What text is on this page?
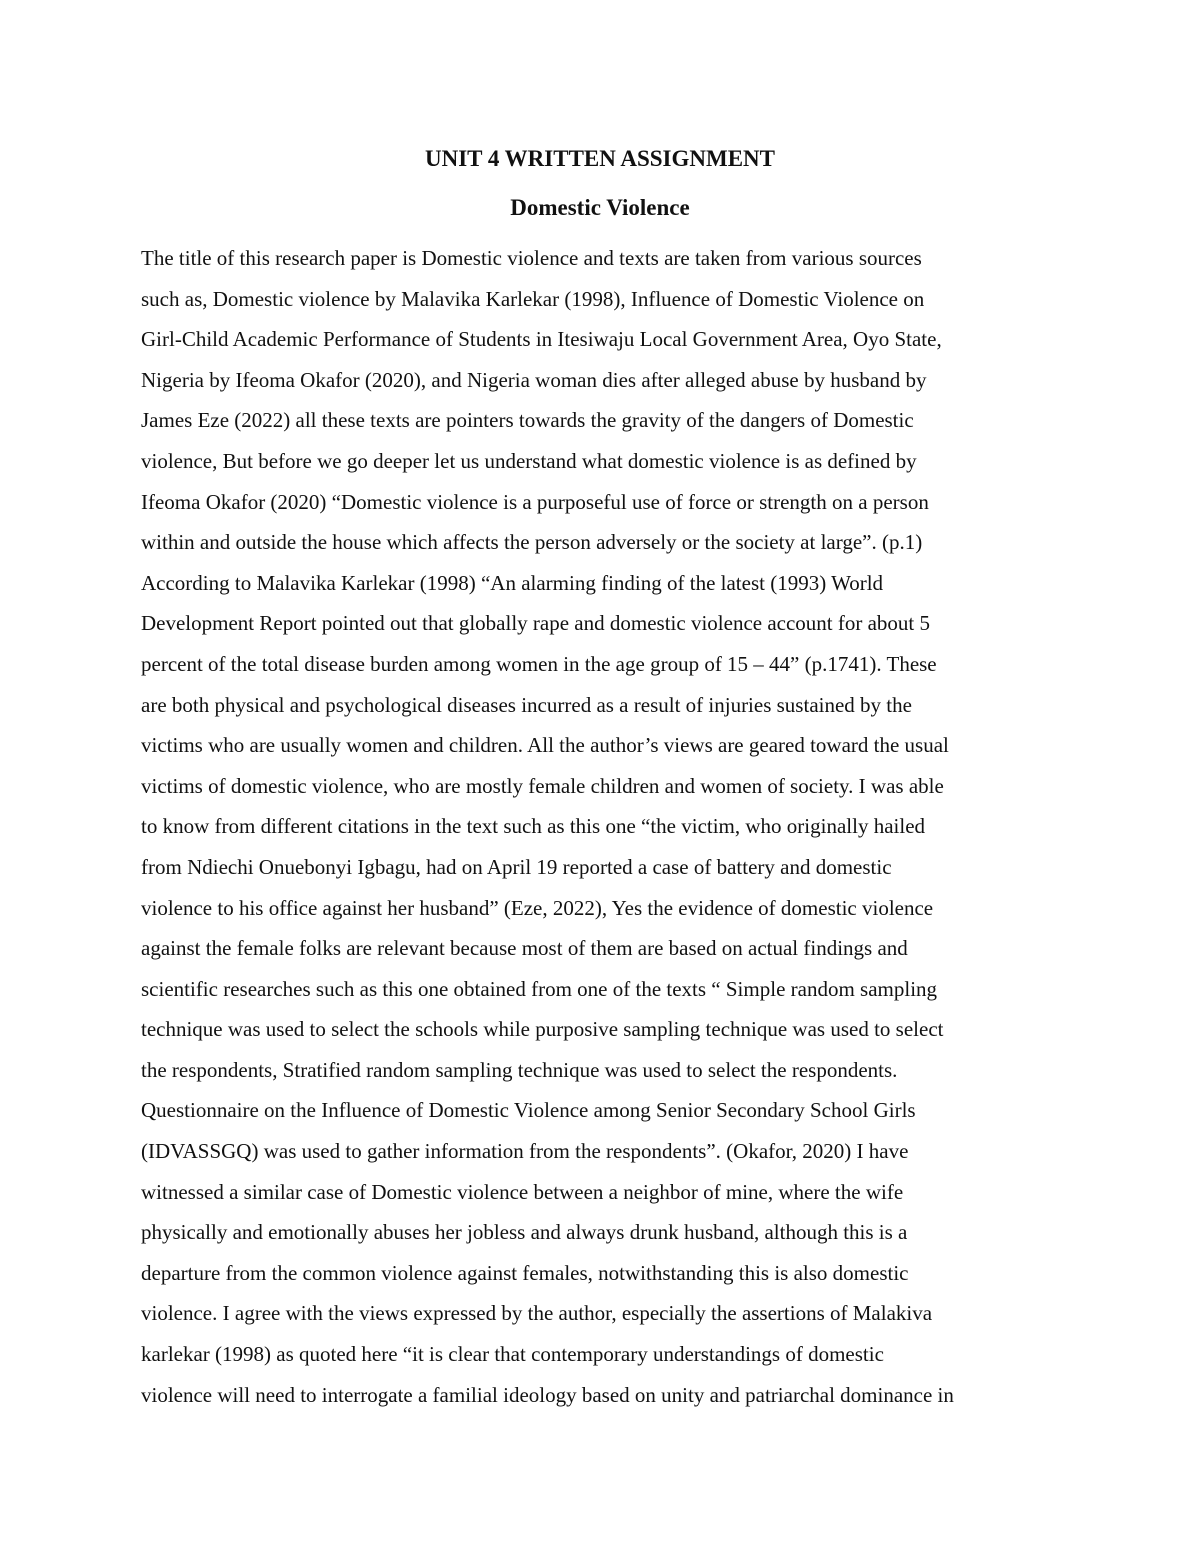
UNIT 4 WRITTEN ASSIGNMENT
Domestic Violence
The title of this research paper is Domestic violence and texts are taken from various sources
such as, Domestic violence by Malavika Karlekar (1998), Influence of Domestic Violence on
Girl-Child Academic Performance of Students in Itesiwaju Local Government Area, Oyo State,
Nigeria by Ifeoma Okafor (2020), and Nigeria woman dies after alleged abuse by husband by
James Eze (2022) all these texts are pointers towards the gravity of the dangers of Domestic
violence, But before we go deeper let us understand what domestic violence is as defined by
Ifeoma Okafor (2020) “Domestic violence is a purposeful use of force or strength on a person
within and outside the house which affects the person adversely or the society at large”. (p.1)
According to Malavika Karlekar (1998) “An alarming finding of the latest (1993) World
Development Report pointed out that globally rape and domestic violence account for about 5
percent of the total disease burden among women in the age group of 15 – 44” (p.1741). These
are both physical and psychological diseases incurred as a result of injuries sustained by the
victims who are usually women and children. All the author’s views are geared toward the usual
victims of domestic violence, who are mostly female children and women of society. I was able
to know from different citations in the text such as this one “the victim, who originally hailed
from Ndiechi Onuebonyi Igbagu, had on April 19 reported a case of battery and domestic
violence to his office against her husband” (Eze, 2022), Yes the evidence of domestic violence
against the female folks are relevant because most of them are based on actual findings and
scientific researches such as this one obtained from one of the texts “ Simple random sampling
technique was used to select the schools while purposive sampling technique was used to select
the respondents, Stratified random sampling technique was used to select the respondents.
Questionnaire on the Influence of Domestic Violence among Senior Secondary School Girls
(IDVASSGQ) was used to gather information from the respondents”. (Okafor, 2020) I have
witnessed a similar case of Domestic violence between a neighbor of mine, where the wife
physically and emotionally abuses her jobless and always drunk husband, although this is a
departure from the common violence against females, notwithstanding this is also domestic
violence. I agree with the views expressed by the author, especially the assertions of Malakiva
karlekar (1998) as quoted here “it is clear that contemporary understandings of domestic
violence will need to interrogate a familial ideology based on unity and patriarchal dominance in
